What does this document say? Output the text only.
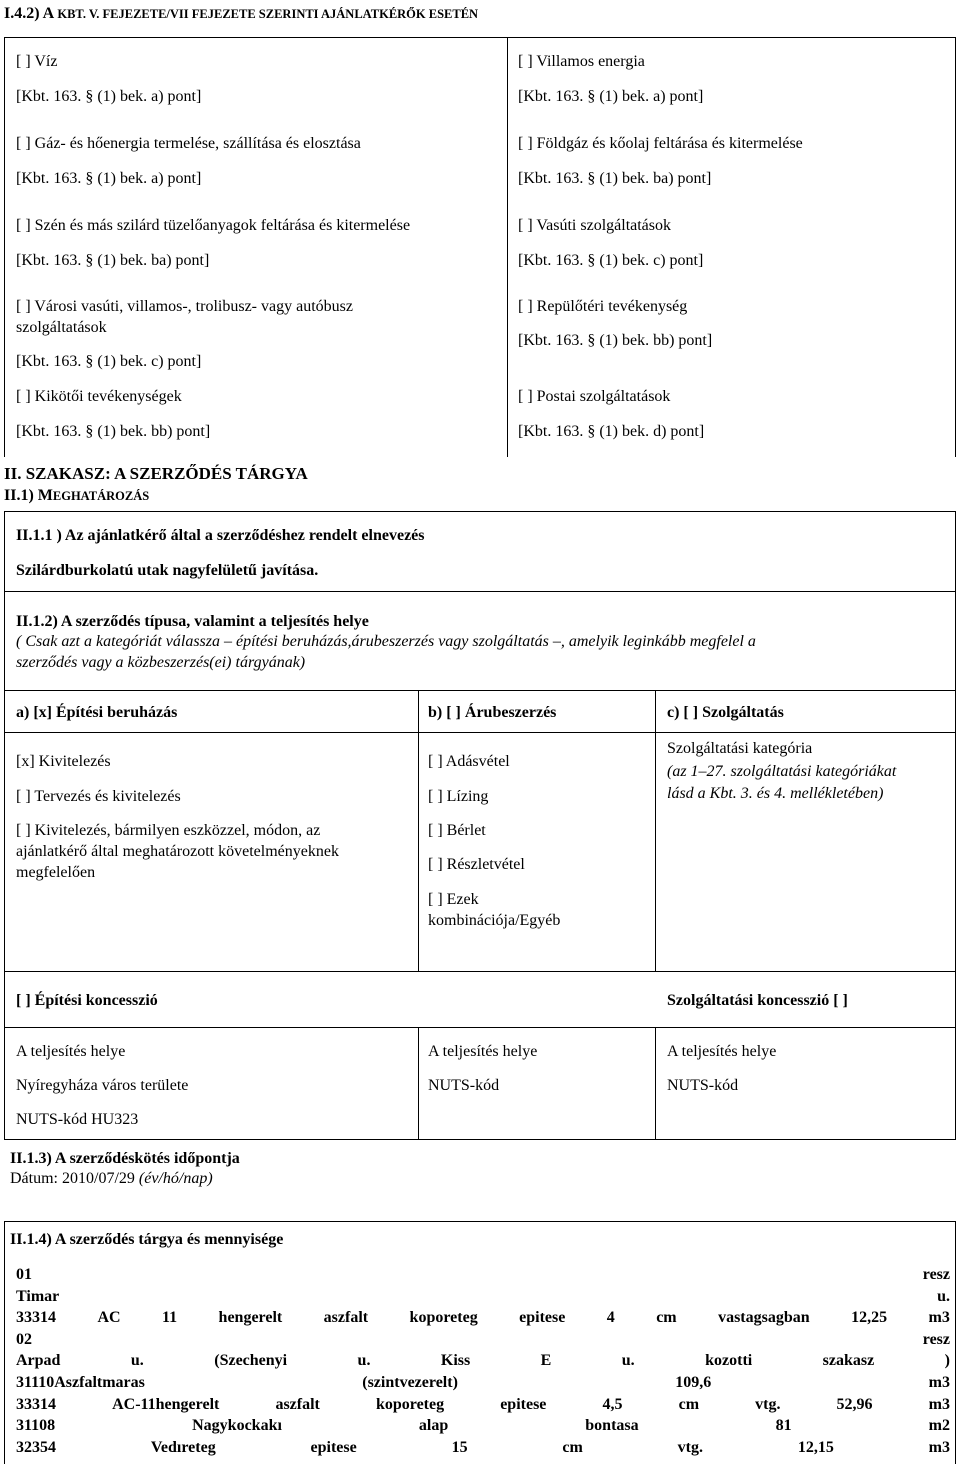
I.4.2) A KBT. V. FEJEZETE/VII FEJEZETE SZERINTI AJÁNLATKÉRŐK ESETÉN
[ ] Víz
[Kbt. 163. § (1) bek. a) pont]
[ ] Gáz- és hőenergia termelése, szállítása és elosztása
[Kbt. 163. § (1) bek. a) pont]
[ ] Szén és más szilárd tüzelőanyagok feltárása és kitermelése
[Kbt. 163. § (1) bek. ba) pont]
[ ] Városi vasúti, villamos-, trolibusz- vagy autóbusz
szolgáltatások
[Kbt. 163. § (1) bek. c) pont]
[ ] Kikötői tevékenységek
[Kbt. 163. § (1) bek. bb) pont]
[ ] Villamos energia
[Kbt. 163. § (1) bek. a) pont]
[ ] Földgáz és kőolaj feltárása és kitermelése
[Kbt. 163. § (1) bek. ba) pont]
[ ] Vasúti szolgáltatások
[Kbt. 163. § (1) bek. c) pont]
[ ] Repülőtéri tevékenység
[Kbt. 163. § (1) bek. bb) pont]
[ ] Postai szolgáltatások
[Kbt. 163. § (1) bek. d) pont]
II. SZAKASZ: A SZERZŐDÉS TÁRGYA
II.1) MEGHATÁROZÁS
II.1.1 ) Az ajánlatkérő által a szerződéshez rendelt elnevezés
Szilárdburkolatú utak nagyfelületű javítása.
II.1.2) A szerződés típusa, valamint a teljesítés helye
( Csak azt a kategóriát válassza – építési beruházás,árubeszerzés vagy szolgáltatás –, amelyik leginkább megfelel a
szerződés vagy a közbeszerzés(ei) tárgyának)
a) [x] Építési beruházás	b) [ ] Árubeszerzés	c) [ ] Szolgáltatás
[x] Kivitelezés
[ ] Tervezés és kivitelezés
[ ] Kivitelezés, bármilyen eszközzel, módon, az
ajánlatkérő által meghatározott követelményeknek
megfelelően
[ ] Adásvétel
[ ] Lízing
[ ] Bérlet
[ ] Részletvétel
[ ] Ezek
kombinációja/Egyéb
Szolgáltatási kategória
(az 1–27. szolgáltatási kategóriákat
lásd a Kbt. 3. és 4. mellékletében)
[ ] Építési koncesszió	Szolgáltatási koncesszió [ ]
A teljesítés helye
Nyíregyháza város területe
NUTS-kód HU323
A teljesítés helye
NUTS-kód
A teljesítés helye
NUTS-kód
II.1.3) A szerződéskötés időpontja
Dátum: 2010/07/29 (év/hó/nap)
II.1.4) A szerződés tárgya és mennyisége
01	resz
Timar	u.
33314	AC	11	hengerelt	aszfalt	koporeteg	epitese	4	cm	vastagsagban	12,25	m3
02	resz
Arpad	u.	(Szechenyi	u.	Kiss	E	u.	kozotti	szakasz	)
31110Aszfaltmaras	(szintvezerelt)	109,6	m3
33314	AC-11hengerelt	aszfalt	koporeteg	epitese	4,5	cm	vtg.	52,96	m3
31108	Nagykockakı	alap	bontasa	81	m2
32354	Vedıreteg	epitese	15	cm	vtg.	12,15	m3
